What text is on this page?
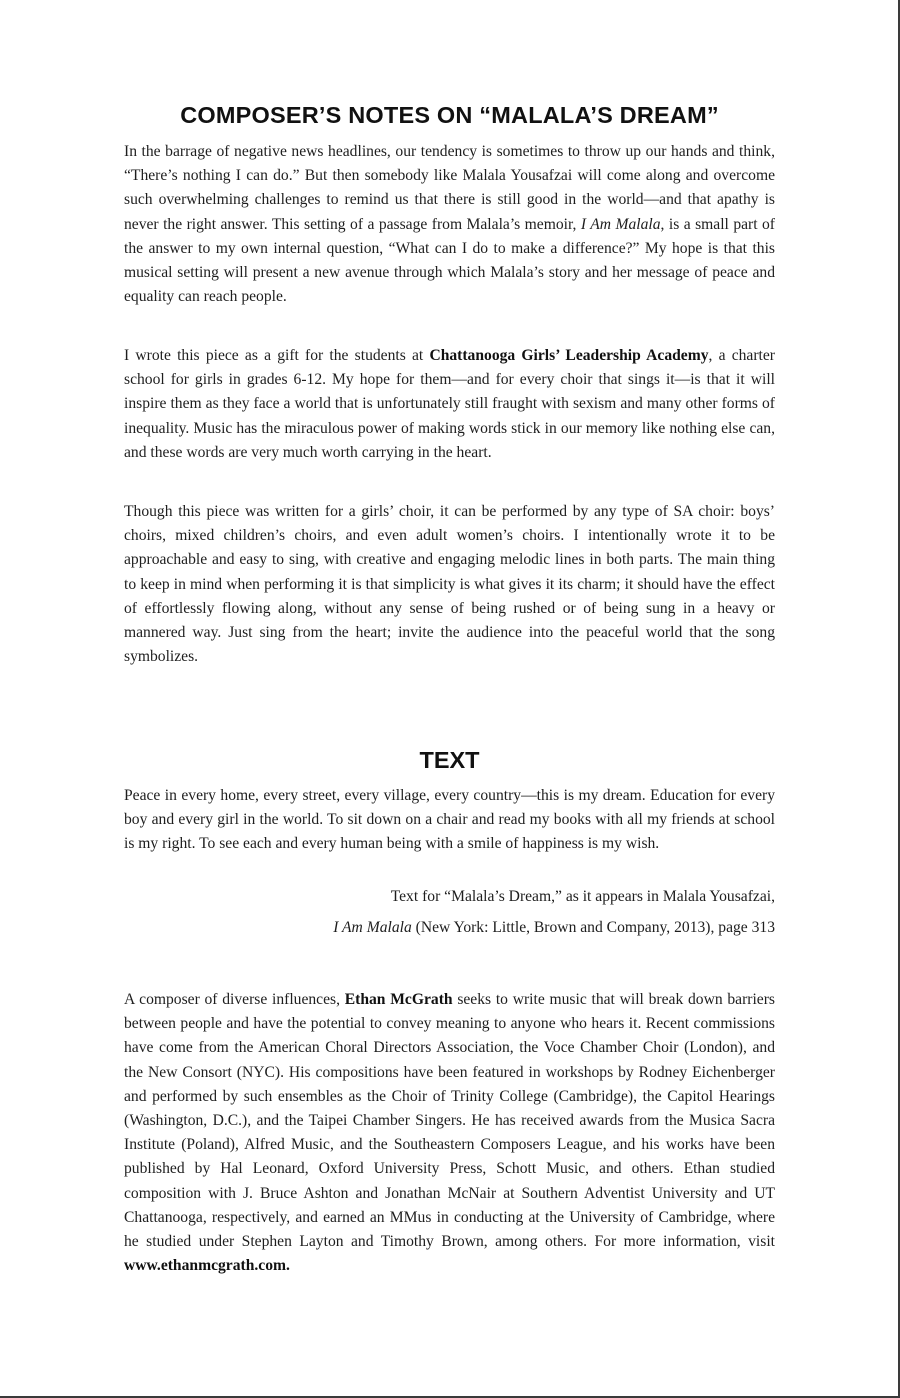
COMPOSER’S NOTES ON “MALALA’S DREAM”

In the barrage of negative news headlines, our tendency is sometimes to throw up our hands and think, “There’s nothing I can do.” But then somebody like Malala Yousafzai will come along and overcome such overwhelming challenges to remind us that there is still good in the world—and that apathy is never the right answer. This setting of a passage from Malala’s memoir, I Am Malala, is a small part of the answer to my own internal question, “What can I do to make a difference?” My hope is that this musical setting will present a new avenue through which Malala’s story and her message of peace and equality can reach people.

I wrote this piece as a gift for the students at Chattanooga Girls’ Leadership Academy, a charter school for girls in grades 6-12. My hope for them—and for every choir that sings it—is that it will inspire them as they face a world that is unfortunately still fraught with sexism and many other forms of inequality. Music has the miraculous power of making words stick in our memory like nothing else can, and these words are very much worth carrying in the heart.

Though this piece was written for a girls’ choir, it can be performed by any type of SA choir: boys’ choirs, mixed children’s choirs, and even adult women’s choirs. I intentionally wrote it to be approachable and easy to sing, with creative and engaging melodic lines in both parts. The main thing to keep in mind when performing it is that simplicity is what gives it its charm; it should have the effect of effortlessly flowing along, without any sense of being rushed or of being sung in a heavy or mannered way. Just sing from the heart; invite the audience into the peaceful world that the song symbolizes.

TEXT

Peace in every home, every street, every village, every country—this is my dream. Education for every boy and every girl in the world. To sit down on a chair and read my books with all my friends at school is my right. To see each and every human being with a smile of happiness is my wish.

Text for “Malala’s Dream,” as it appears in Malala Yousafzai,

I Am Malala (New York: Little, Brown and Company, 2013), page 313

A composer of diverse influences, Ethan McGrath seeks to write music that will break down barriers between people and have the potential to convey meaning to anyone who hears it. Recent commissions have come from the American Choral Directors Association, the Voce Chamber Choir (London), and the New Consort (NYC). His compositions have been featured in workshops by Rodney Eichenberger and performed by such ensembles as the Choir of Trinity College (Cambridge), the Capitol Hearings (Washington, D.C.), and the Taipei Chamber Singers. He has received awards from the Musica Sacra Institute (Poland), Alfred Music, and the Southeastern Composers League, and his works have been published by Hal Leonard, Oxford University Press, Schott Music, and others. Ethan studied composition with J. Bruce Ashton and Jonathan McNair at Southern Adventist University and UT Chattanooga, respectively, and earned an MMus in conducting at the University of Cambridge, where he studied under Stephen Layton and Timothy Brown, among others. For more information, visit www.ethanmcgrath.com.
